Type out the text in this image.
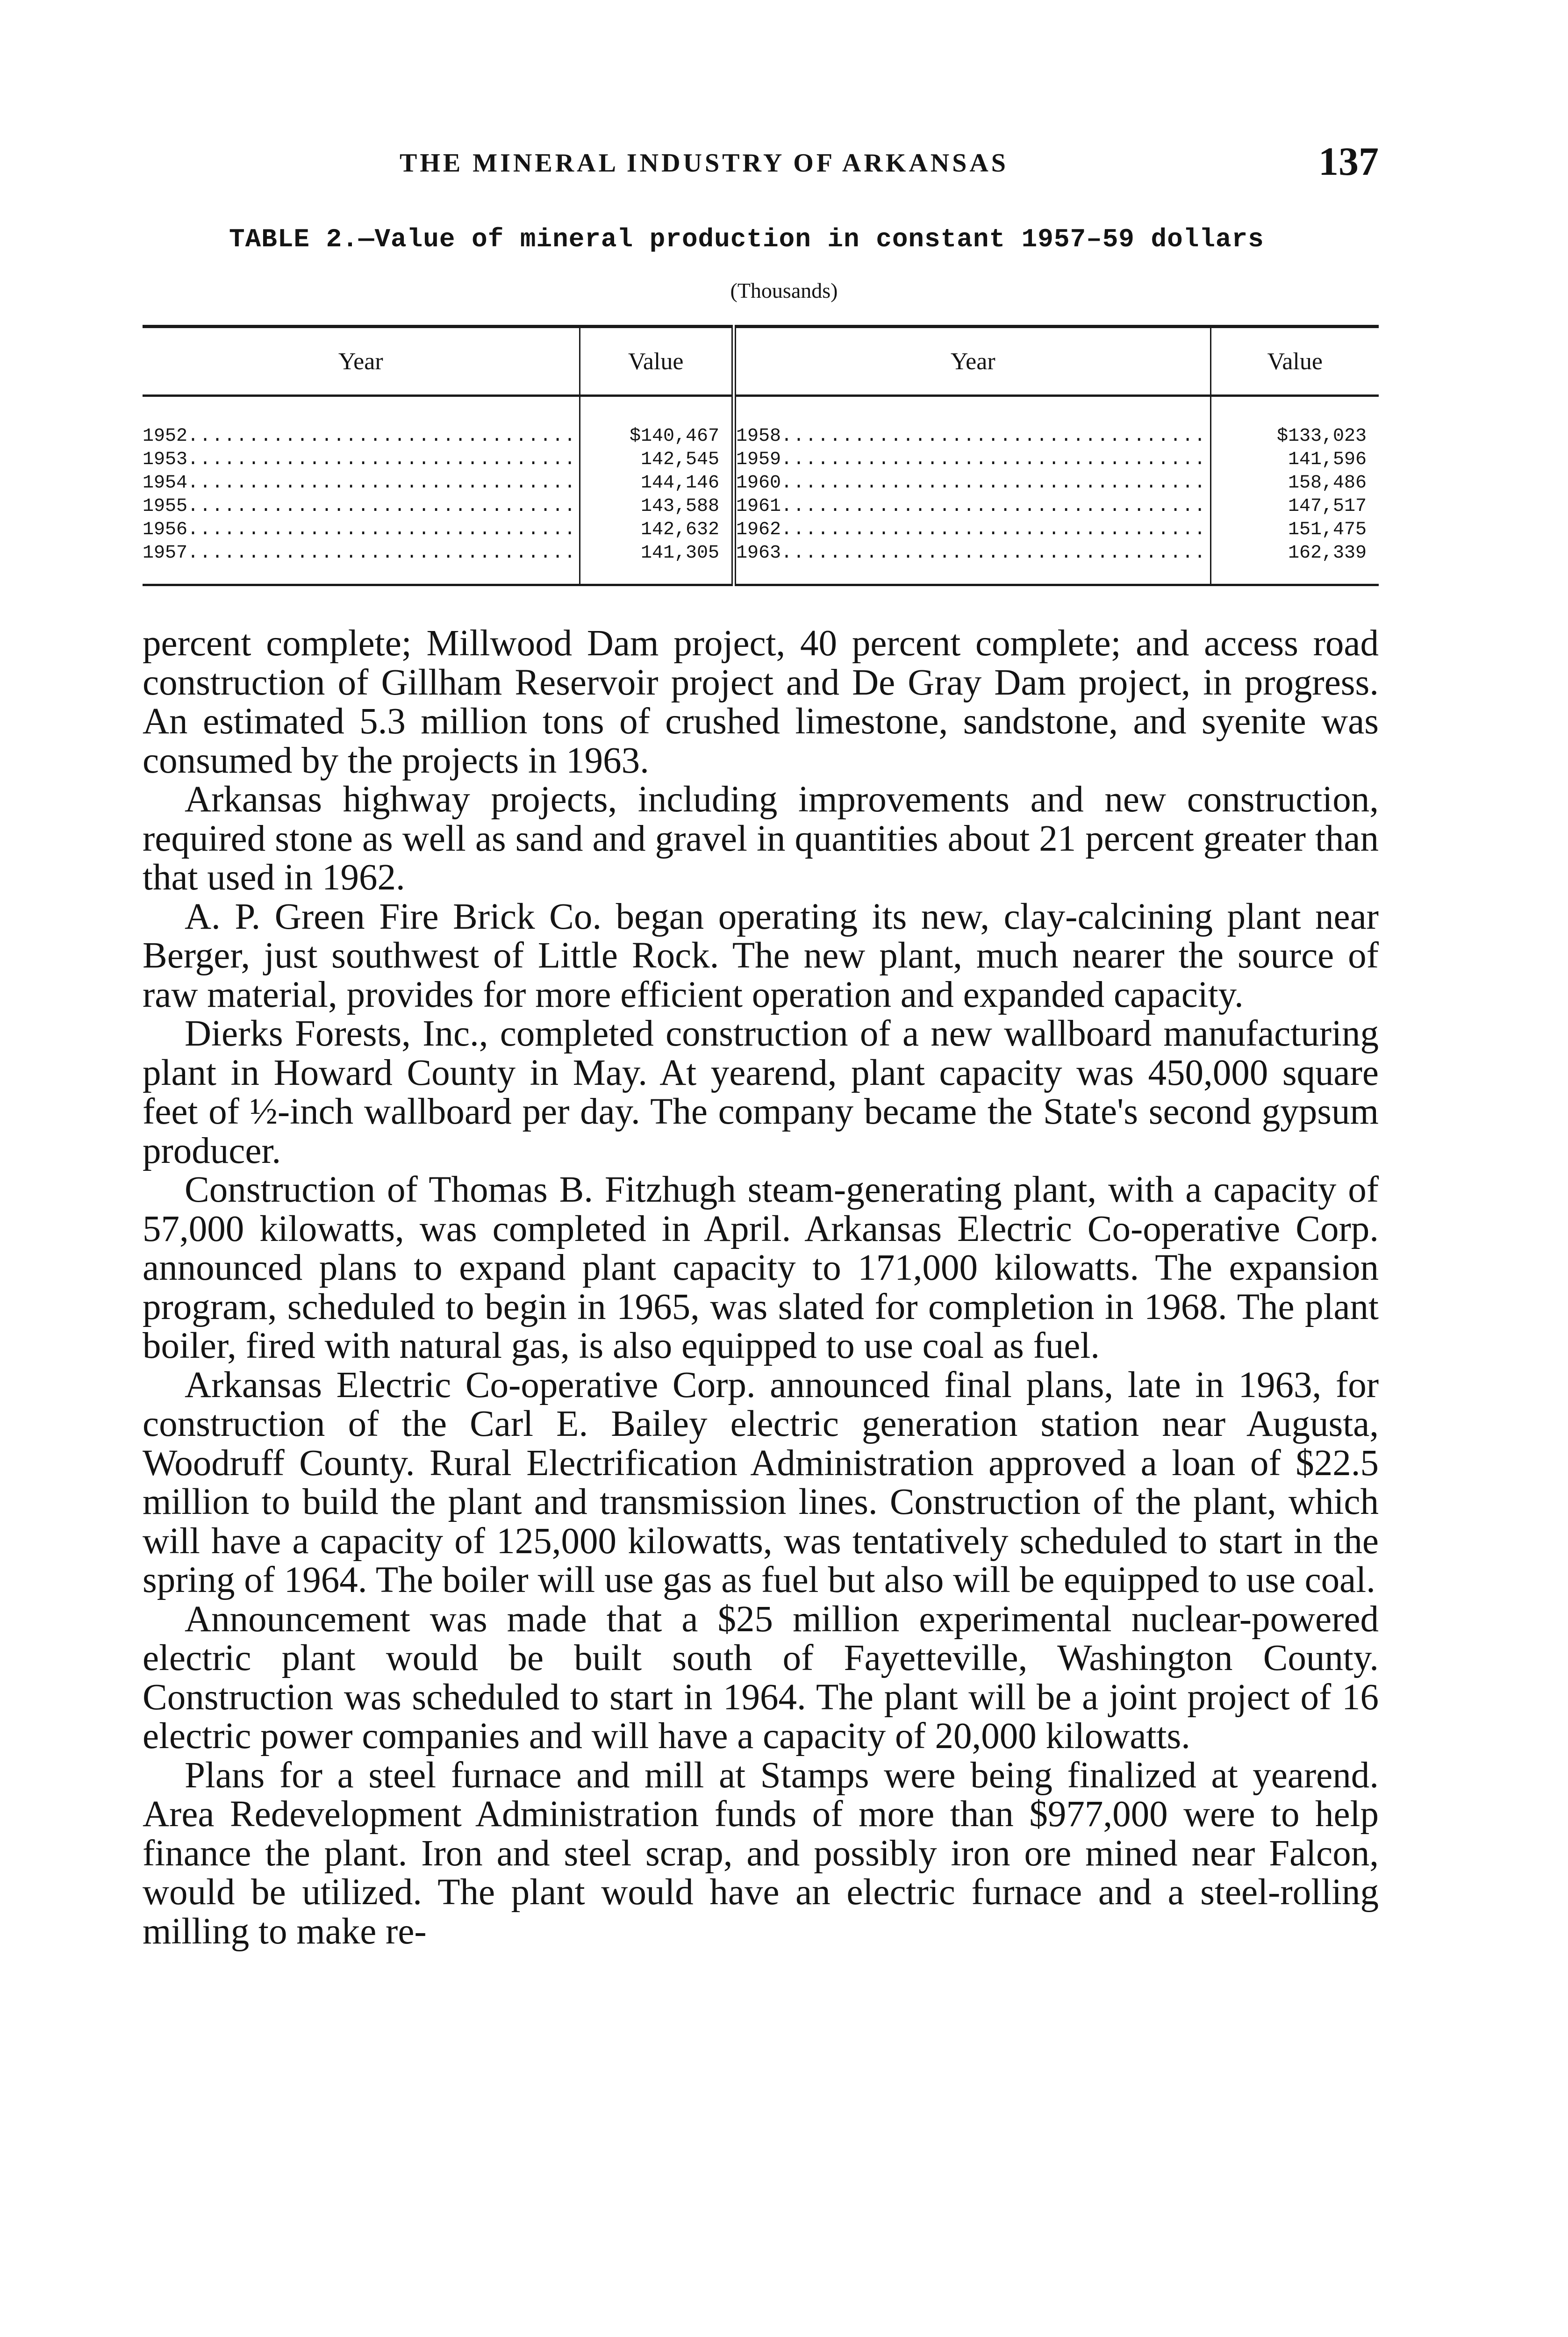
THE MINERAL INDUSTRY OF ARKANSAS	137
TABLE 2.—Value of mineral production in constant 1957–59 dollars
(Thousands)
Year	Value	Year	Value
1952 .....	$140,467	1958 .....	$133,023
1953 .....	142,545	1959 .....	141,596
1954 .....	144,146	1960 .....	158,486
1955 .....	143,588	1961 .....	147,517
1956 .....	142,632	1962 .....	151,475
1957 .....	141,305	1963 .....	162,339

percent complete; Millwood Dam project, 40 percent complete; and access road construction of Gillham Reservoir project and De Gray Dam project, in progress. An estimated 5.3 million tons of crushed limestone, sandstone, and syenite was consumed by the projects in 1963.

Arkansas highway projects, including improvements and new construction, required stone as well as sand and gravel in quantities about 21 percent greater than that used in 1962.

A. P. Green Fire Brick Co. began operating its new, clay-calcining plant near Berger, just southwest of Little Rock. The new plant, much nearer the source of raw material, provides for more efficient operation and expanded capacity.

Dierks Forests, Inc., completed construction of a new wallboard manufacturing plant in Howard County in May. At yearend, plant capacity was 450,000 square feet of ½-inch wallboard per day. The company became the State's second gypsum producer.

Construction of Thomas B. Fitzhugh steam-generating plant, with a capacity of 57,000 kilowatts, was completed in April. Arkansas Electric Co-operative Corp. announced plans to expand plant capacity to 171,000 kilowatts. The expansion program, scheduled to begin in 1965, was slated for completion in 1968. The plant boiler, fired with natural gas, is also equipped to use coal as fuel.

Arkansas Electric Co-operative Corp. announced final plans, late in 1963, for construction of the Carl E. Bailey electric generation station near Augusta, Woodruff County. Rural Electrification Administration approved a loan of $22.5 million to build the plant and transmission lines. Construction of the plant, which will have a capacity of 125,000 kilowatts, was tentatively scheduled to start in the spring of 1964. The boiler will use gas as fuel but also will be equipped to use coal.

Announcement was made that a $25 million experimental nuclear-powered electric plant would be built south of Fayetteville, Washington County. Construction was scheduled to start in 1964. The plant will be a joint project of 16 electric power companies and will have a capacity of 20,000 kilowatts.

Plans for a steel furnace and mill at Stamps were being finalized at yearend. Area Redevelopment Administration funds of more than $977,000 were to help finance the plant. Iron and steel scrap, and possibly iron ore mined near Falcon, would be utilized. The plant would have an electric furnace and a steel-rolling milling to make re-
